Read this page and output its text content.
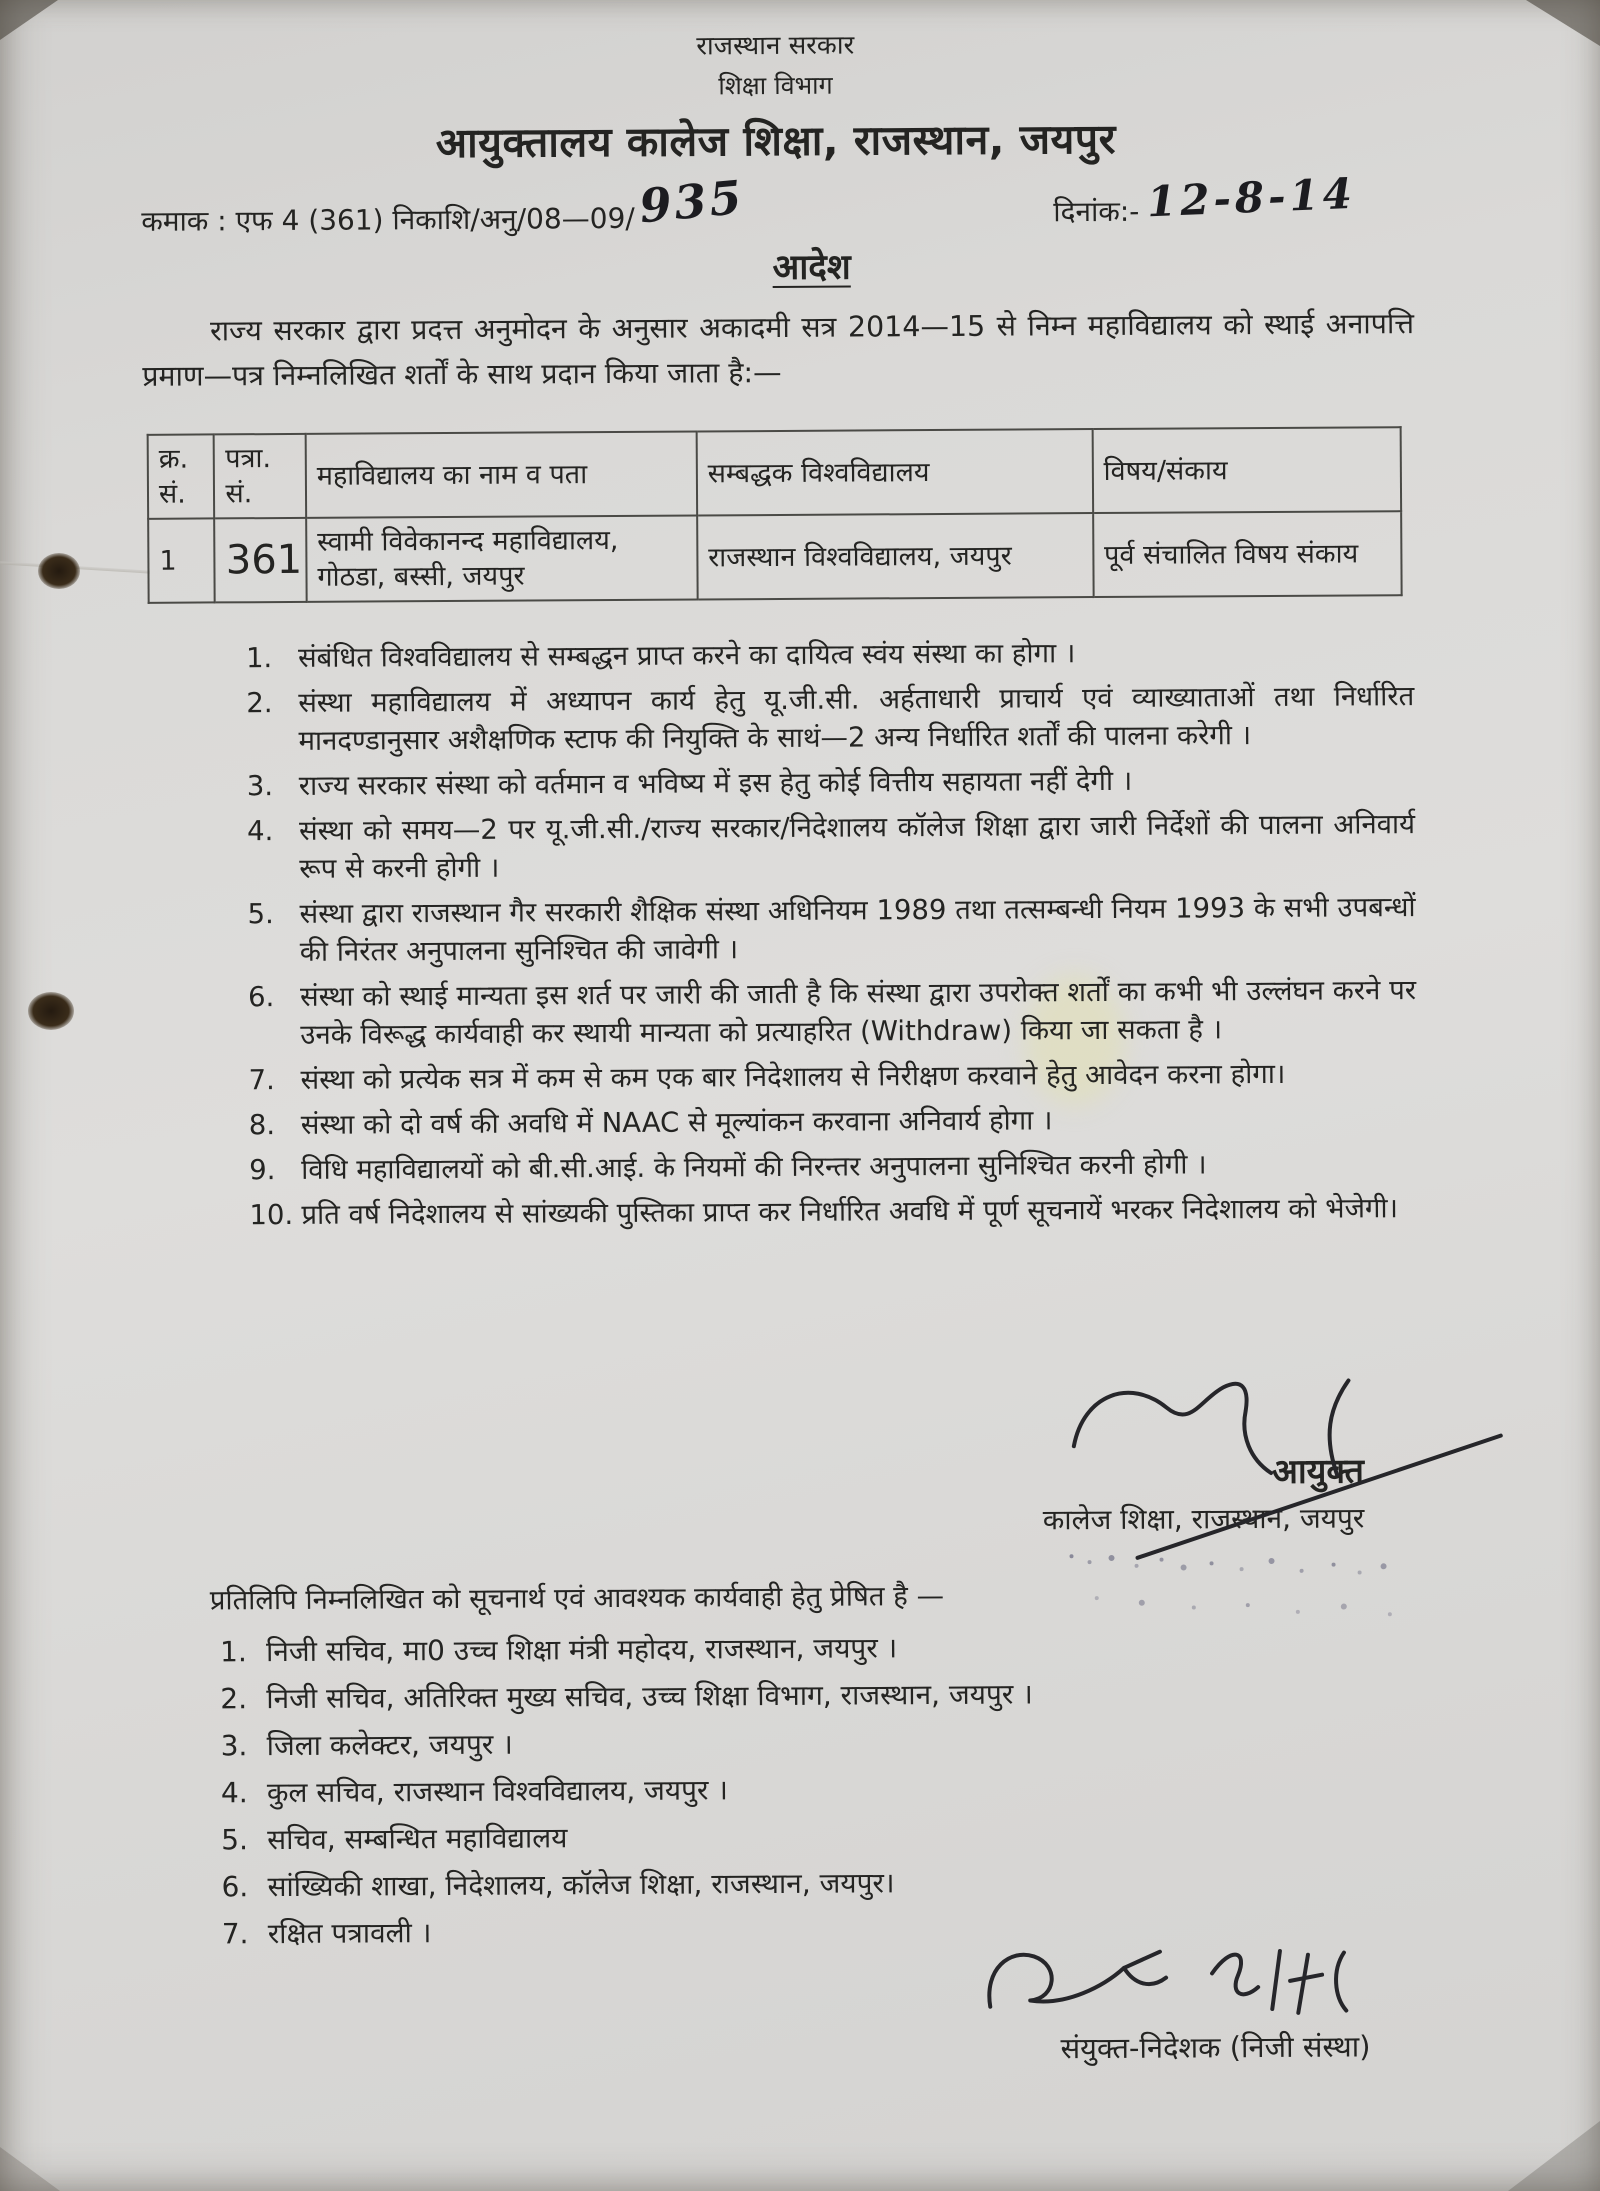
राजस्थान सरकार
शिक्षा विभाग
आयुक्तालय कालेज शिक्षा, राजस्थान, जयपुर
कमाक : एफ 4 (361) निकाशि/अनु/08—09/935	दिनांक:- 12-8-14
आदेश
राज्य सरकार द्वारा प्रदत्त अनुमोदन के अनुसार अकादमी सत्र 2014—15 से निम्न महाविद्यालय को स्थाई अनापत्ति प्रमाण—पत्र निम्नलिखित शर्तों के साथ प्रदान किया जाता है:—
क्र. सं.	पत्रा. सं.	महाविद्यालय का नाम व पता	सम्बद्धक विश्वविद्यालय	विषय/संकाय
1	361	स्वामी विवेकानन्द महाविद्यालय, गोठडा, बस्सी, जयपुर	राजस्थान विश्वविद्यालय, जयपुर	पूर्व संचालित विषय संकाय
1. संबंधित विश्वविद्यालय से सम्बद्धन प्राप्त करने का दायित्व स्वंय संस्था का होगा ।
2. संस्था महाविद्यालय में अध्यापन कार्य हेतु यू.जी.सी. अर्हताधारी प्राचार्य एवं व्याख्याताओं तथा निर्धारित मानदण्डानुसार अशैक्षणिक स्टाफ की नियुक्ति के साथं—2 अन्य निर्धारित शर्तों की पालना करेगी ।
3. राज्य सरकार संस्था को वर्तमान व भविष्य में इस हेतु कोई वित्तीय सहायता नहीं देगी ।
4. संस्था को समय—2 पर यू.जी.सी./राज्य सरकार/निदेशालय कॉलेज शिक्षा द्वारा जारी निर्देशों की पालना अनिवार्य रूप से करनी होगी ।
5. संस्था द्वारा राजस्थान गैर सरकारी शैक्षिक संस्था अधिनियम 1989 तथा तत्सम्बन्धी नियम 1993 के सभी उपबन्धों की निरंतर अनुपालना सुनिश्चित की जावेगी ।
6. संस्था को स्थाई मान्यता इस शर्त पर जारी की जाती है कि संस्था द्वारा उपरोक्त शर्तों का कभी भी उल्लंघन करने पर उनके विरूद्ध कार्यवाही कर स्थायी मान्यता को प्रत्याहरित (Withdraw) किया जा सकता है ।
7. संस्था को प्रत्येक सत्र में कम से कम एक बार निदेशालय से निरीक्षण करवाने हेतु आवेदन करना होगा।
8. संस्था को दो वर्ष की अवधि में NAAC से मूल्यांकन करवाना अनिवार्य होगा ।
9. विधि महाविद्यालयों को बी.सी.आई. के नियमों की निरन्तर अनुपालना सुनिश्चित करनी होगी ।
10. प्रति वर्ष निदेशालय से सांख्यकी पुस्तिका प्राप्त कर निर्धारित अवधि में पूर्ण सूचनायें भरकर निदेशालय को भेजेगी।
आयुक्त
कालेज शिक्षा, राजस्थान, जयपुर
प्रतिलिपि निम्नलिखित को सूचनार्थ एवं आवश्यक कार्यवाही हेतु प्रेषित है —
1. निजी सचिव, मा0 उच्च शिक्षा मंत्री महोदय, राजस्थान, जयपुर ।
2. निजी सचिव, अतिरिक्त मुख्य सचिव, उच्च शिक्षा विभाग, राजस्थान, जयपुर ।
3. जिला कलेक्टर, जयपुर ।
4. कुल सचिव, राजस्थान विश्वविद्यालय, जयपुर ।
5. सचिव, सम्बन्धित महाविद्यालय
6. सांख्यिकी शाखा, निदेशालय, कॉलेज शिक्षा, राजस्थान, जयपुर।
7. रक्षित पत्रावली ।
संयुक्त-निदेशक (निजी संस्था)
